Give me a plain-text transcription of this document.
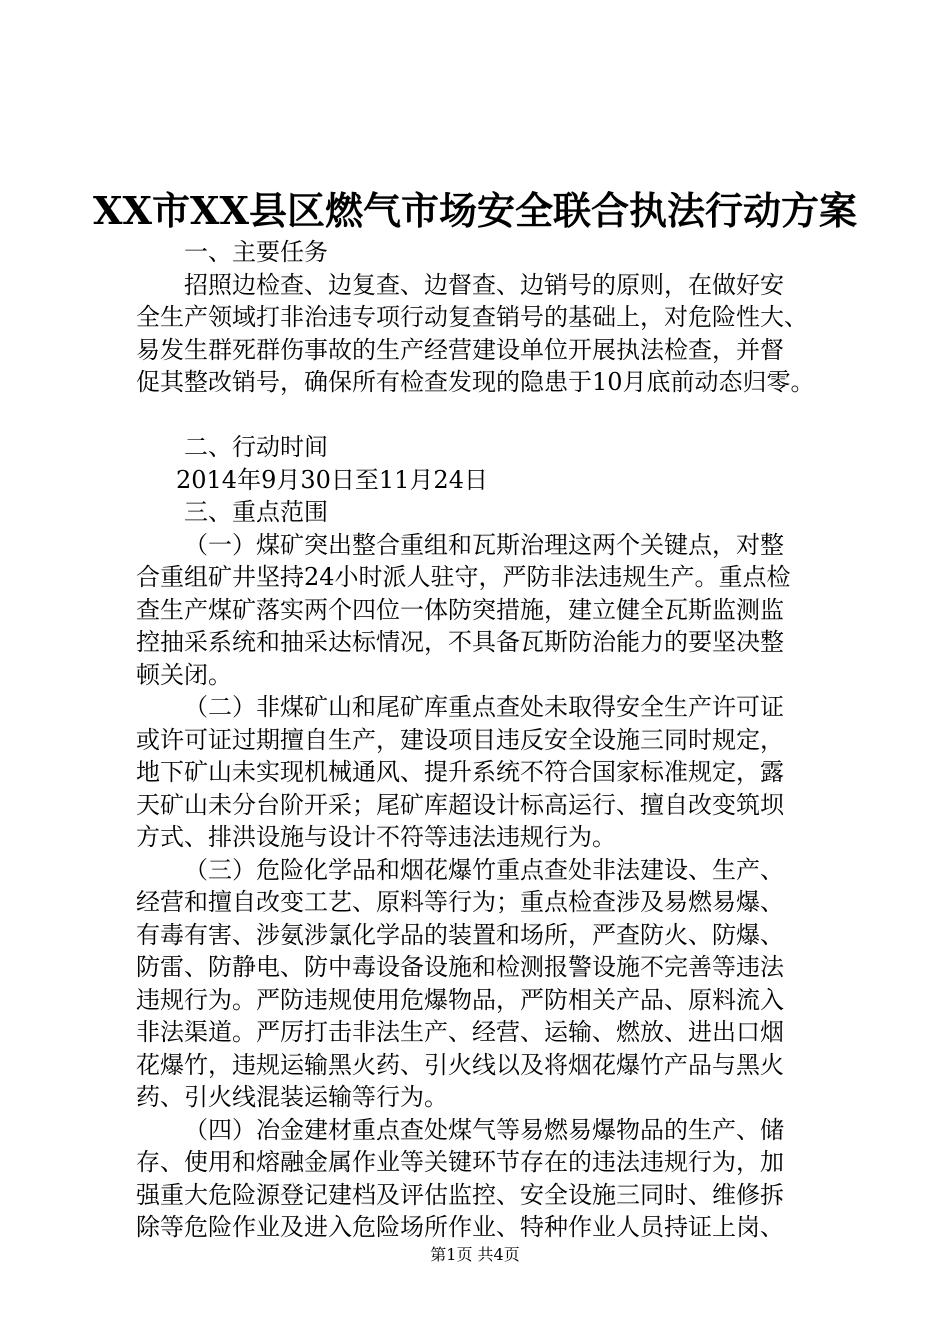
XX市XX县区燃气市场安全联合执法行动方案
一、主要任务
招照边检查、边复查、边督查、边销号的原则，在做好安
全生产领域打非治违专项行动复查销号的基础上，对危险性大、
易发生群死群伤事故的生产经营建设单位开展执法检查，并督
促其整改销号，确保所有检查发现的隐患于10月底前动态归零。
二、行动时间
2014年9月30日至11月24日
三、重点范围
（一）煤矿突出整合重组和瓦斯治理这两个关键点，对整
合重组矿井坚持24小时派人驻守，严防非法违规生产。重点检
查生产煤矿落实两个四位一体防突措施，建立健全瓦斯监测监
控抽采系统和抽采达标情况，不具备瓦斯防治能力的要坚决整
顿关闭。
（二）非煤矿山和尾矿库重点查处未取得安全生产许可证
或许可证过期擅自生产，建设项目违反安全设施三同时规定，
地下矿山未实现机械通风、提升系统不符合国家标准规定，露
天矿山未分台阶开采；尾矿库超设计标高运行、擅自改变筑坝
方式、排洪设施与设计不符等违法违规行为。
（三）危险化学品和烟花爆竹重点查处非法建设、生产、
经营和擅自改变工艺、原料等行为；重点检查涉及易燃易爆、
有毒有害、涉氨涉氯化学品的装置和场所，严查防火、防爆、
防雷、防静电、防中毒设备设施和检测报警设施不完善等违法
违规行为。严防违规使用危爆物品，严防相关产品、原料流入
非法渠道。严厉打击非法生产、经营、运输、燃放、进出口烟
花爆竹，违规运输黑火药、引火线以及将烟花爆竹产品与黑火
药、引火线混装运输等行为。
（四）冶金建材重点查处煤气等易燃易爆物品的生产、储
存、使用和熔融金属作业等关键环节存在的违法违规行为，加
强重大危险源登记建档及评估监控、安全设施三同时、维修拆
除等危险作业及进入危险场所作业、特种作业人员持证上岗、
第1页 共4页
